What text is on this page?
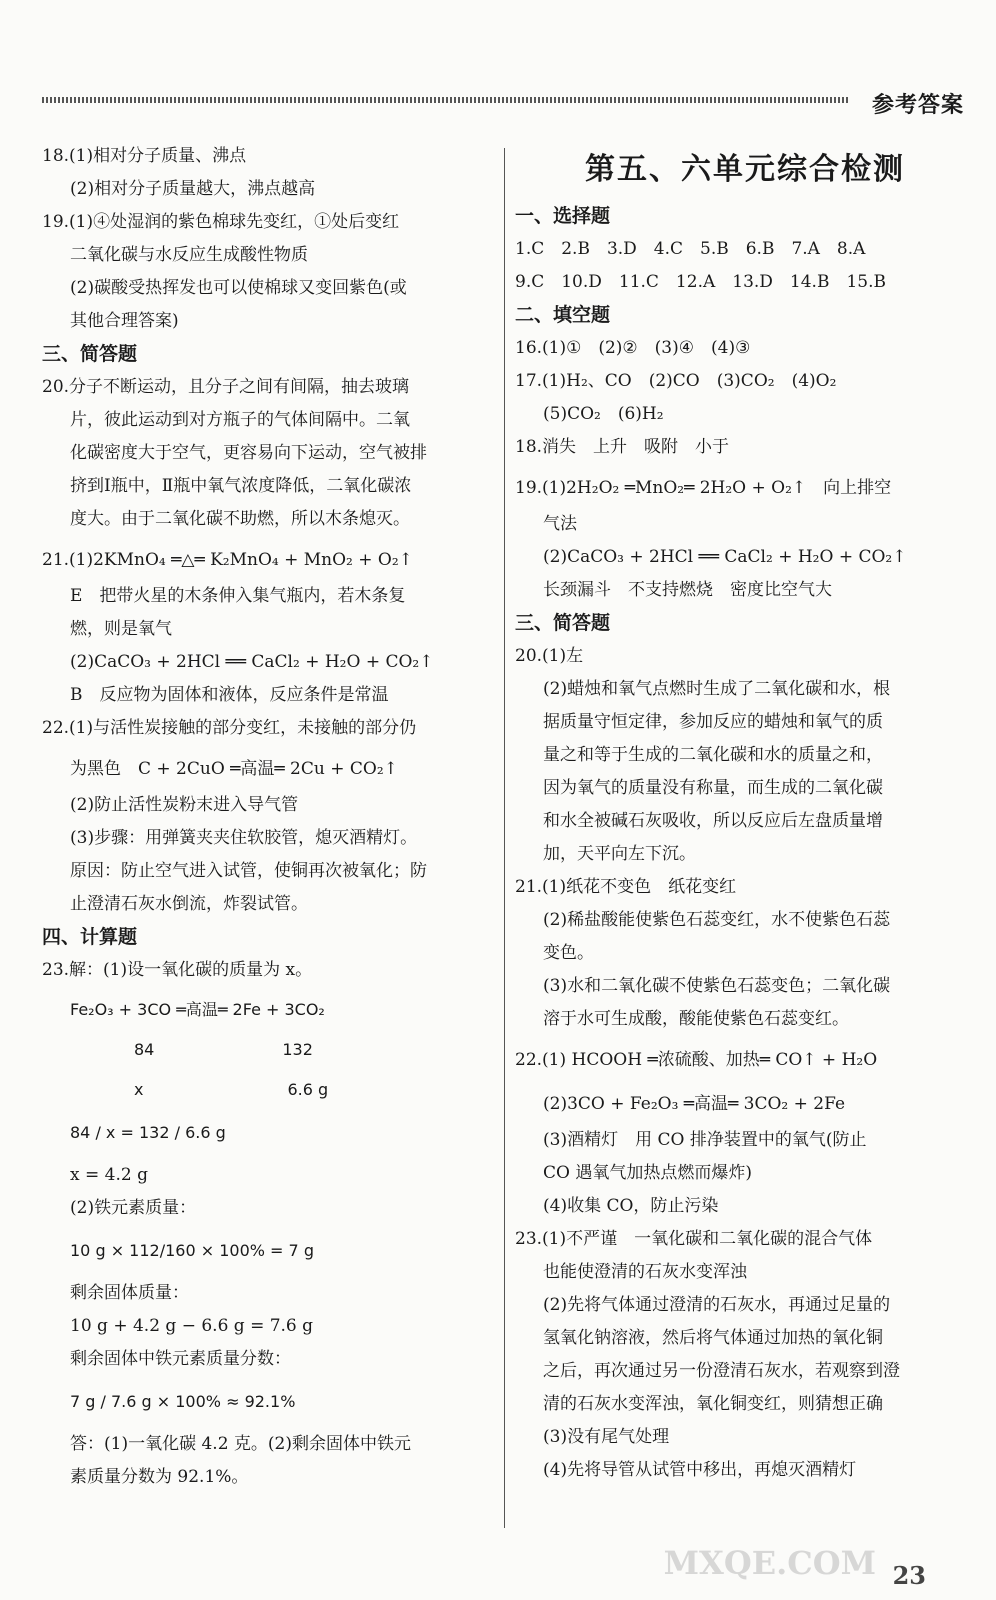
参考答案
18.(1)相对分子质量、沸点
(2)相对分子质量越大，沸点越高
19.(1)④处湿润的紫色棉球先变红，①处后变红
二氧化碳与水反应生成酸性物质
(2)碳酸受热挥发也可以使棉球又变回紫色(或
其他合理答案)
三、简答题
20.分子不断运动，且分子之间有间隔，抽去玻璃
片，彼此运动到对方瓶子的气体间隔中。二氧
化碳密度大于空气，更容易向下运动，空气被排
挤到Ⅰ瓶中，Ⅱ瓶中氧气浓度降低，二氧化碳浓
度大。由于二氧化碳不助燃，所以木条熄灭。
21.(1)2KMnO₄ ═△═ K₂MnO₄ + MnO₂ + O₂↑
E　把带火星的木条伸入集气瓶内，若木条复
燃，则是氧气
(2)CaCO₃ + 2HCl ══ CaCl₂ + H₂O + CO₂↑
B　反应物为固体和液体，反应条件是常温
22.(1)与活性炭接触的部分变红，未接触的部分仍
为黑色　C + 2CuO ═高温═ 2Cu + CO₂↑
(2)防止活性炭粉末进入导气管
(3)步骤：用弹簧夹夹住软胶管，熄灭酒精灯。
原因：防止空气进入试管，使铜再次被氧化；防
止澄清石灰水倒流，炸裂试管。
四、计算题
23.解：(1)设一氧化碳的质量为 x。
Fe₂O₃ + 3CO ═高温═ 2Fe + 3CO₂
　　　　84　　　　　　　　132
　　　　x　　　　　　　　　6.6 g
84 / x = 132 / 6.6 g
x = 4.2 g
(2)铁元素质量：
10 g × 112/160 × 100% = 7 g
剩余固体质量：
10 g + 4.2 g − 6.6 g = 7.6 g
剩余固体中铁元素质量分数：
7 g / 7.6 g × 100% ≈ 92.1%
答：(1)一氧化碳 4.2 克。(2)剩余固体中铁元
素质量分数为 92.1%。
第五、六单元综合检测
一、选择题
1.C　2.B　3.D　4.C　5.B　6.B　7.A　8.A
9.C　10.D　11.C　12.A　13.D　14.B　15.B
二、填空题
16.(1)①　(2)②　(3)④　(4)③
17.(1)H₂、CO　(2)CO　(3)CO₂　(4)O₂
(5)CO₂　(6)H₂
18.消失　上升　吸附　小于
19.(1)2H₂O₂ ═MnO₂═ 2H₂O + O₂↑　向上排空
气法
(2)CaCO₃ + 2HCl ══ CaCl₂ + H₂O + CO₂↑
长颈漏斗　不支持燃烧　密度比空气大
三、简答题
20.(1)左
(2)蜡烛和氧气点燃时生成了二氧化碳和水，根
据质量守恒定律，参加反应的蜡烛和氧气的质
量之和等于生成的二氧化碳和水的质量之和，
因为氧气的质量没有称量，而生成的二氧化碳
和水全被碱石灰吸收，所以反应后左盘质量增
加，天平向左下沉。
21.(1)纸花不变色　纸花变红
(2)稀盐酸能使紫色石蕊变红，水不使紫色石蕊
变色。
(3)水和二氧化碳不使紫色石蕊变色；二氧化碳
溶于水可生成酸，酸能使紫色石蕊变红。
22.(1) HCOOH ═浓硫酸、加热═ CO↑ + H₂O
(2)3CO + Fe₂O₃ ═高温═ 3CO₂ + 2Fe
(3)酒精灯　用 CO 排净装置中的氧气(防止
CO 遇氧气加热点燃而爆炸)
(4)收集 CO，防止污染
23.(1)不严谨　一氧化碳和二氧化碳的混合气体
也能使澄清的石灰水变浑浊
(2)先将气体通过澄清的石灰水，再通过足量的
氢氧化钠溶液，然后将气体通过加热的氧化铜
之后，再次通过另一份澄清石灰水，若观察到澄
清的石灰水变浑浊，氧化铜变红，则猜想正确
(3)没有尾气处理
(4)先将导管从试管中移出，再熄灭酒精灯
23
MXQE.COM
